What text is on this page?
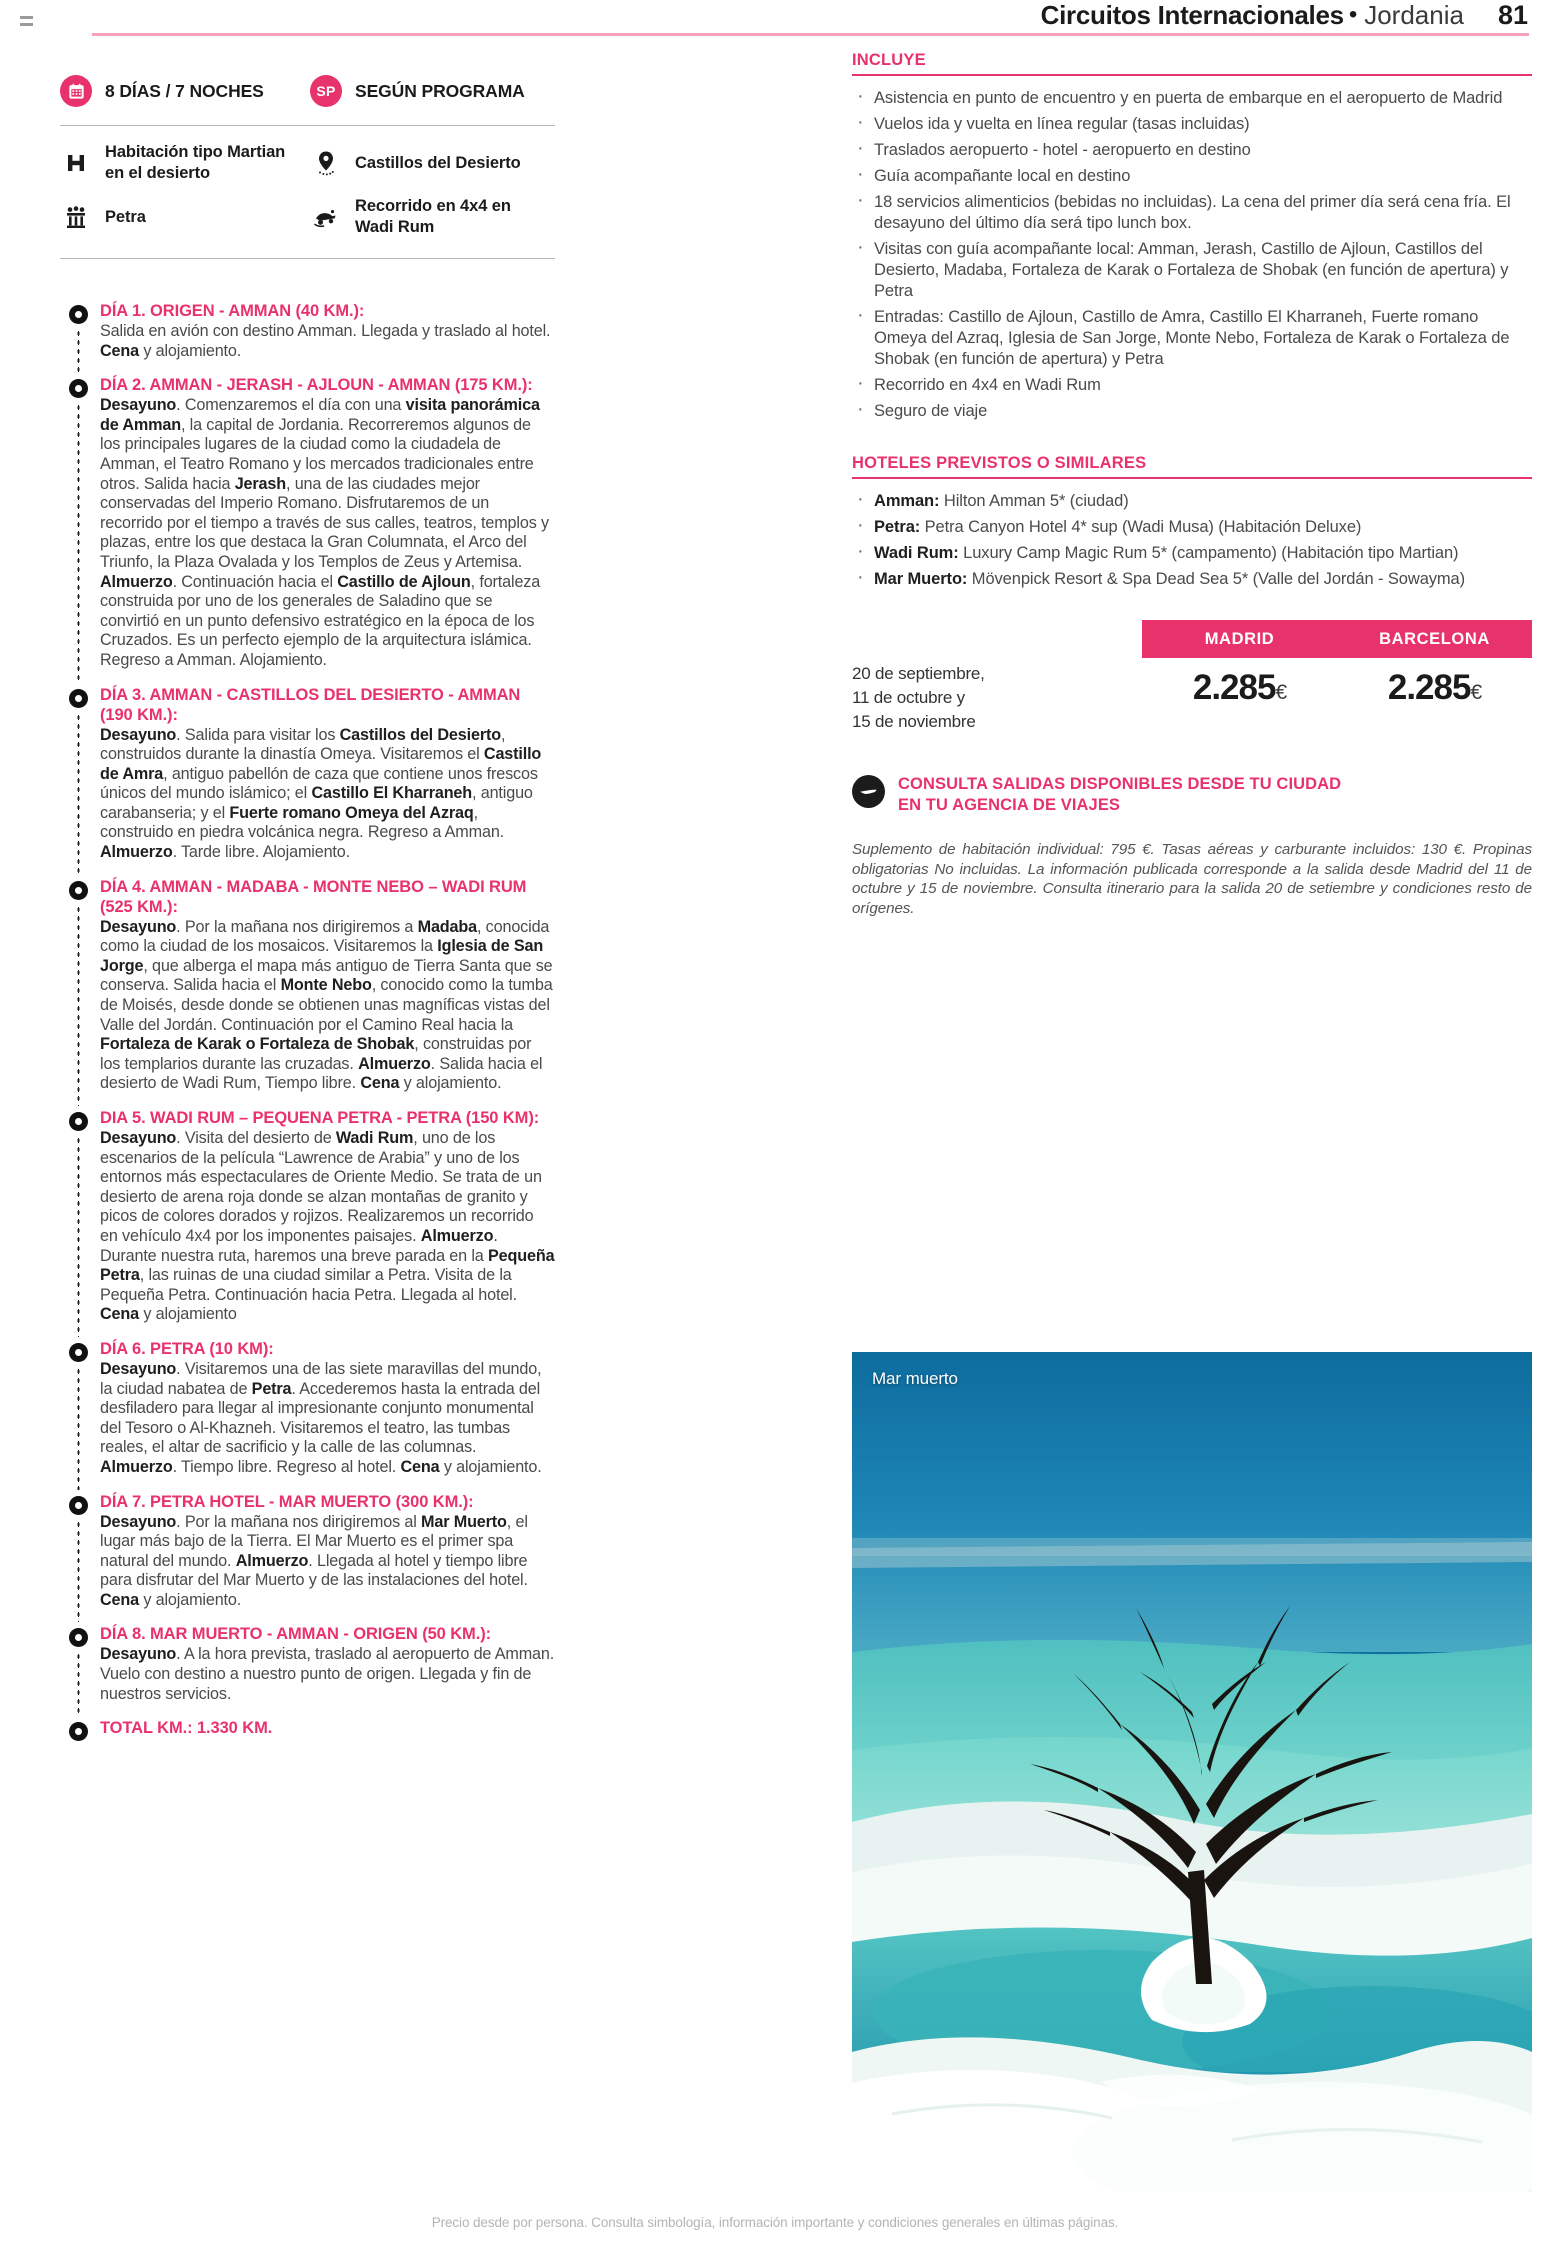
Circuitos Internacionales • Jordania 81
8 DÍAS / 7 NOCHES	SP SEGÚN PROGRAMA
Habitación tipo Martian
en el desierto
Castillos del Desierto
Petra
Recorrido en 4x4 en
Wadi Rum
DÍA 1. ORIGEN - AMMAN (40 KM.):
Salida en avión con destino Amman. Llegada y traslado al hotel. Cena y alojamiento.
DÍA 2. AMMAN - JERASH - AJLOUN - AMMAN (175 KM.):
Desayuno. Comenzaremos el día con una visita panorámica de Amman, la capital de Jordania. Recorreremos algunos de los principales lugares de la ciudad como la ciudadela de Amman, el Teatro Romano y los mercados tradicionales entre otros. Salida hacia Jerash, una de las ciudades mejor conservadas del Imperio Romano. Disfrutaremos de un recorrido por el tiempo a través de sus calles, teatros, templos y plazas, entre los que destaca la Gran Columnata, el Arco del Triunfo, la Plaza Ovalada y los Templos de Zeus y Artemisa. Almuerzo. Continuación hacia el Castillo de Ajloun, fortaleza construida por uno de los generales de Saladino que se convirtió en un punto defensivo estratégico en la época de los Cruzados. Es un perfecto ejemplo de la arquitectura islámica. Regreso a Amman. Alojamiento.
DÍA 3. AMMAN - CASTILLOS DEL DESIERTO - AMMAN (190 KM.):
Desayuno. Salida para visitar los Castillos del Desierto, construidos durante la dinastía Omeya. Visitaremos el Castillo de Amra, antiguo pabellón de caza que contiene unos frescos únicos del mundo islámico; el Castillo El Kharraneh, antiguo carabanseria; y el Fuerte romano Omeya del Azraq, construido en piedra volcánica negra. Regreso a Amman. Almuerzo. Tarde libre. Alojamiento.
DÍA 4. AMMAN - MADABA - MONTE NEBO – WADI RUM (525 KM.):
Desayuno. Por la mañana nos dirigiremos a Madaba, conocida como la ciudad de los mosaicos. Visitaremos la Iglesia de San Jorge, que alberga el mapa más antiguo de Tierra Santa que se conserva. Salida hacia el Monte Nebo, conocido como la tumba de Moisés, desde donde se obtienen unas magníficas vistas del Valle del Jordán. Continuación por el Camino Real hacia la Fortaleza de Karak o Fortaleza de Shobak, construidas por los templarios durante las cruzadas. Almuerzo. Salida hacia el desierto de Wadi Rum, Tiempo libre. Cena y alojamiento.
DIA 5. WADI RUM – PEQUENA PETRA - PETRA (150 KM):
Desayuno. Visita del desierto de Wadi Rum, uno de los escenarios de la película “Lawrence de Arabia” y uno de los entornos más espectaculares de Oriente Medio. Se trata de un desierto de arena roja donde se alzan montañas de granito y picos de colores dorados y rojizos. Realizaremos un recorrido en vehículo 4x4 por los imponentes paisajes. Almuerzo. Durante nuestra ruta, haremos una breve parada en la Pequeña Petra, las ruinas de una ciudad similar a Petra. Visita de la Pequeña Petra. Continuación hacia Petra. Llegada al hotel. Cena y alojamiento
DÍA 6. PETRA (10 KM):
Desayuno. Visitaremos una de las siete maravillas del mundo, la ciudad nabatea de Petra. Accederemos hasta la entrada del desfiladero para llegar al impresionante conjunto monumental del Tesoro o Al-Khazneh. Visitaremos el teatro, las tumbas reales, el altar de sacrificio y la calle de las columnas. Almuerzo. Tiempo libre. Regreso al hotel. Cena y alojamiento.
DÍA 7. PETRA HOTEL - MAR MUERTO (300 KM.):
Desayuno. Por la mañana nos dirigiremos al Mar Muerto, el lugar más bajo de la Tierra. El Mar Muerto es el primer spa natural del mundo. Almuerzo. Llegada al hotel y tiempo libre para disfrutar del Mar Muerto y de las instalaciones del hotel. Cena y alojamiento.
DÍA 8. MAR MUERTO - AMMAN - ORIGEN (50 KM.):
Desayuno. A la hora prevista, traslado al aeropuerto de Amman. Vuelo con destino a nuestro punto de origen. Llegada y fin de nuestros servicios.
TOTAL KM.: 1.330 KM.
INCLUYE
· Asistencia en punto de encuentro y en puerta de embarque en el aeropuerto de Madrid
· Vuelos ida y vuelta en línea regular (tasas incluidas)
· Traslados aeropuerto - hotel - aeropuerto en destino
· Guía acompañante local en destino
· 18 servicios alimenticios (bebidas no incluidas). La cena del primer día será cena fría. El desayuno del último día será tipo lunch box.
· Visitas con guía acompañante local: Amman, Jerash, Castillo de Ajloun, Castillos del Desierto, Madaba, Fortaleza de Karak o Fortaleza de Shobak (en función de apertura) y Petra
· Entradas: Castillo de Ajloun, Castillo de Amra, Castillo El Kharraneh, Fuerte romano Omeya del Azraq, Iglesia de San Jorge, Monte Nebo, Fortaleza de Karak o Fortaleza de Shobak (en función de apertura) y Petra
· Recorrido en 4x4 en Wadi Rum
· Seguro de viaje
HOTELES PREVISTOS O SIMILARES
· Amman: Hilton Amman 5* (ciudad)
· Petra: Petra Canyon Hotel 4* sup (Wadi Musa) (Habitación Deluxe)
· Wadi Rum: Luxury Camp Magic Rum 5* (campamento) (Habitación tipo Martian)
· Mar Muerto: Mövenpick Resort & Spa Dead Sea 5* (Valle del Jordán - Sowayma)
MADRID	BARCELONA
20 de septiembre,
11 de octubre y
15 de noviembre
2.285€	2.285€
CONSULTA SALIDAS DISPONIBLES DESDE TU CIUDAD
EN TU AGENCIA DE VIAJES
Suplemento de habitación individual: 795 €. Tasas aéreas y carburante incluidos: 130 €. Propinas obligatorias No incluidas. La información publicada corresponde a la salida desde Madrid del 11 de octubre y 15 de noviembre. Consulta itinerario para la salida 20 de setiembre y condiciones resto de orígenes.
Mar muerto
Precio desde por persona. Consulta simbología, información importante y condiciones generales en últimas páginas.
